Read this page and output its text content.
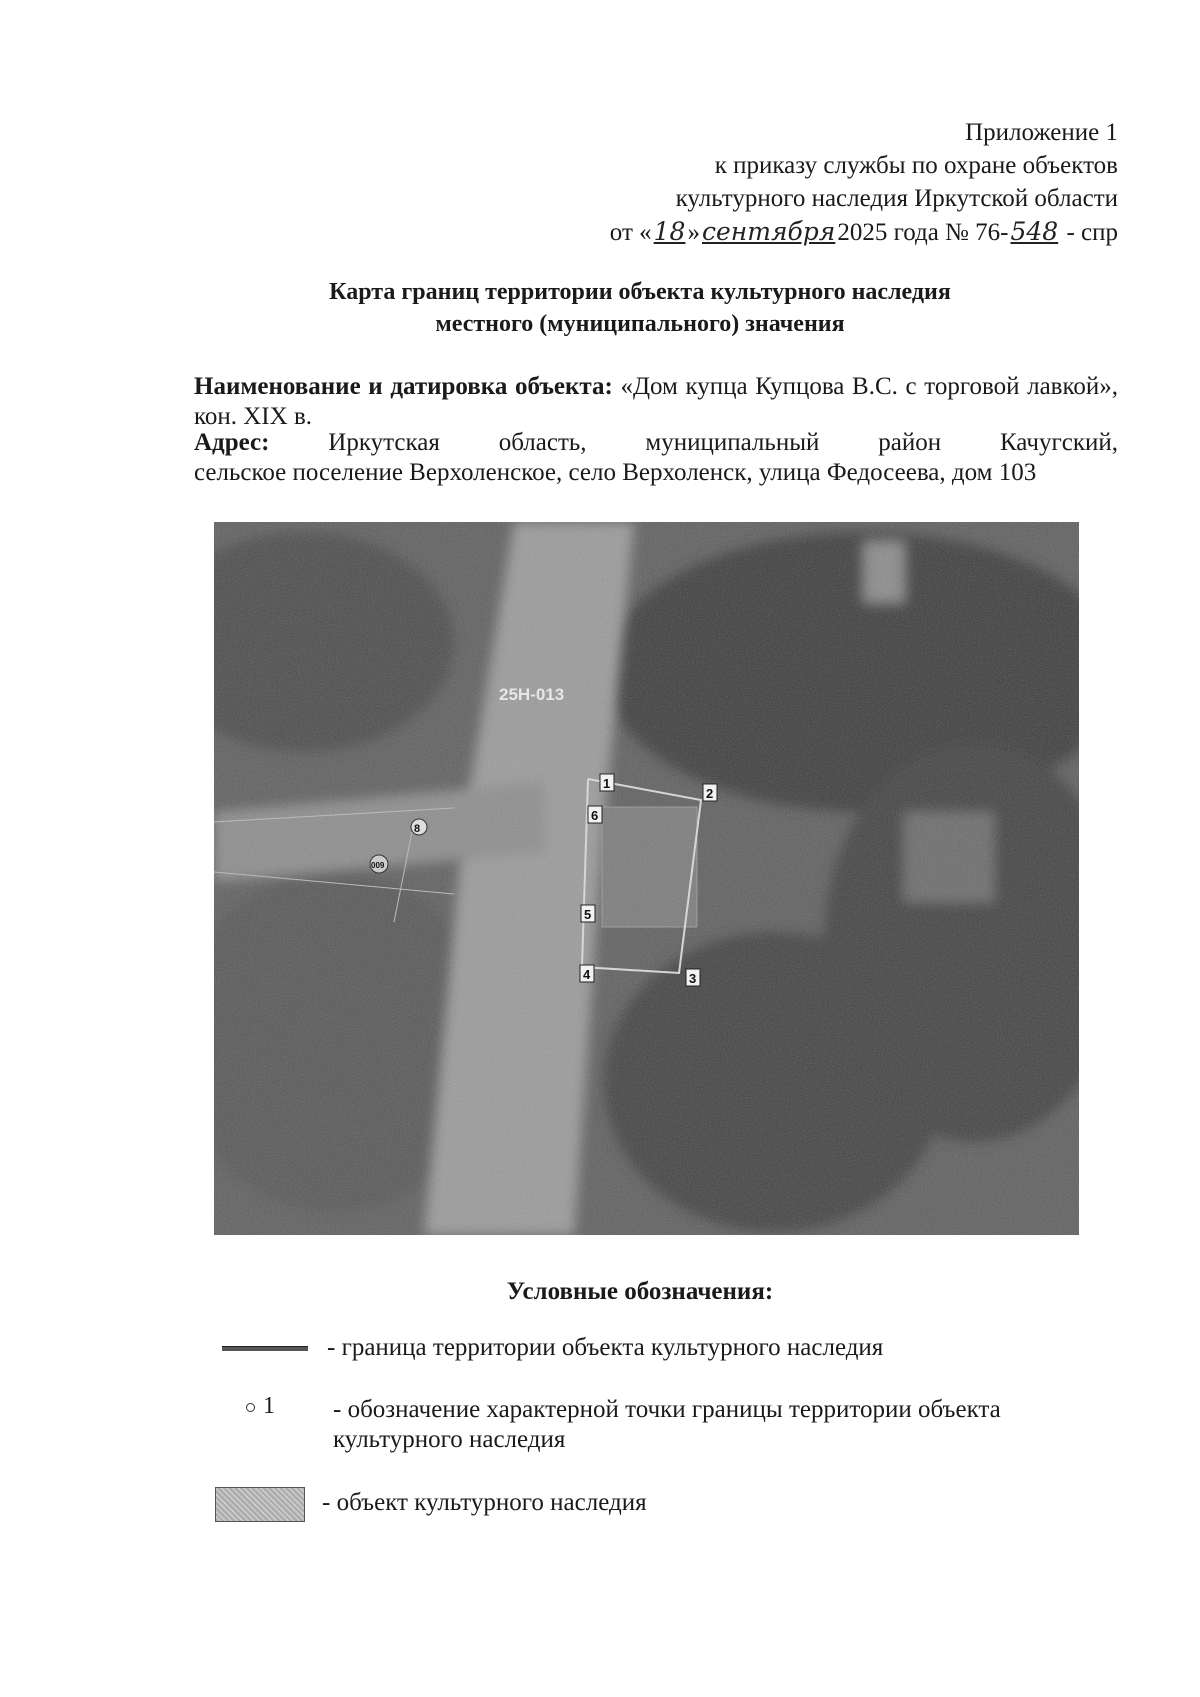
Приложение 1
к приказу службы по охране объектов
культурного наследия Иркутской области
от «18»сентября2025 года № 76-548 - спр
Карта границ территории объекта культурного наследия
местного (муниципального) значения
Наименование и датировка объекта: «Дом купца Купцова В.С. с торговой лавкой», кон. XIX в.
Адрес: Иркутская область, муниципальный район Качугский,
сельское поселение Верхоленское, село Верхоленск, улица Федосеева, дом 103
25Н-013
1
2
3
4
5
6
8
009
Условные обозначения:
- граница территории объекта культурного наследия
1 - обозначение характерной точки границы территории объекта культурного наследия
- объект культурного наследия
